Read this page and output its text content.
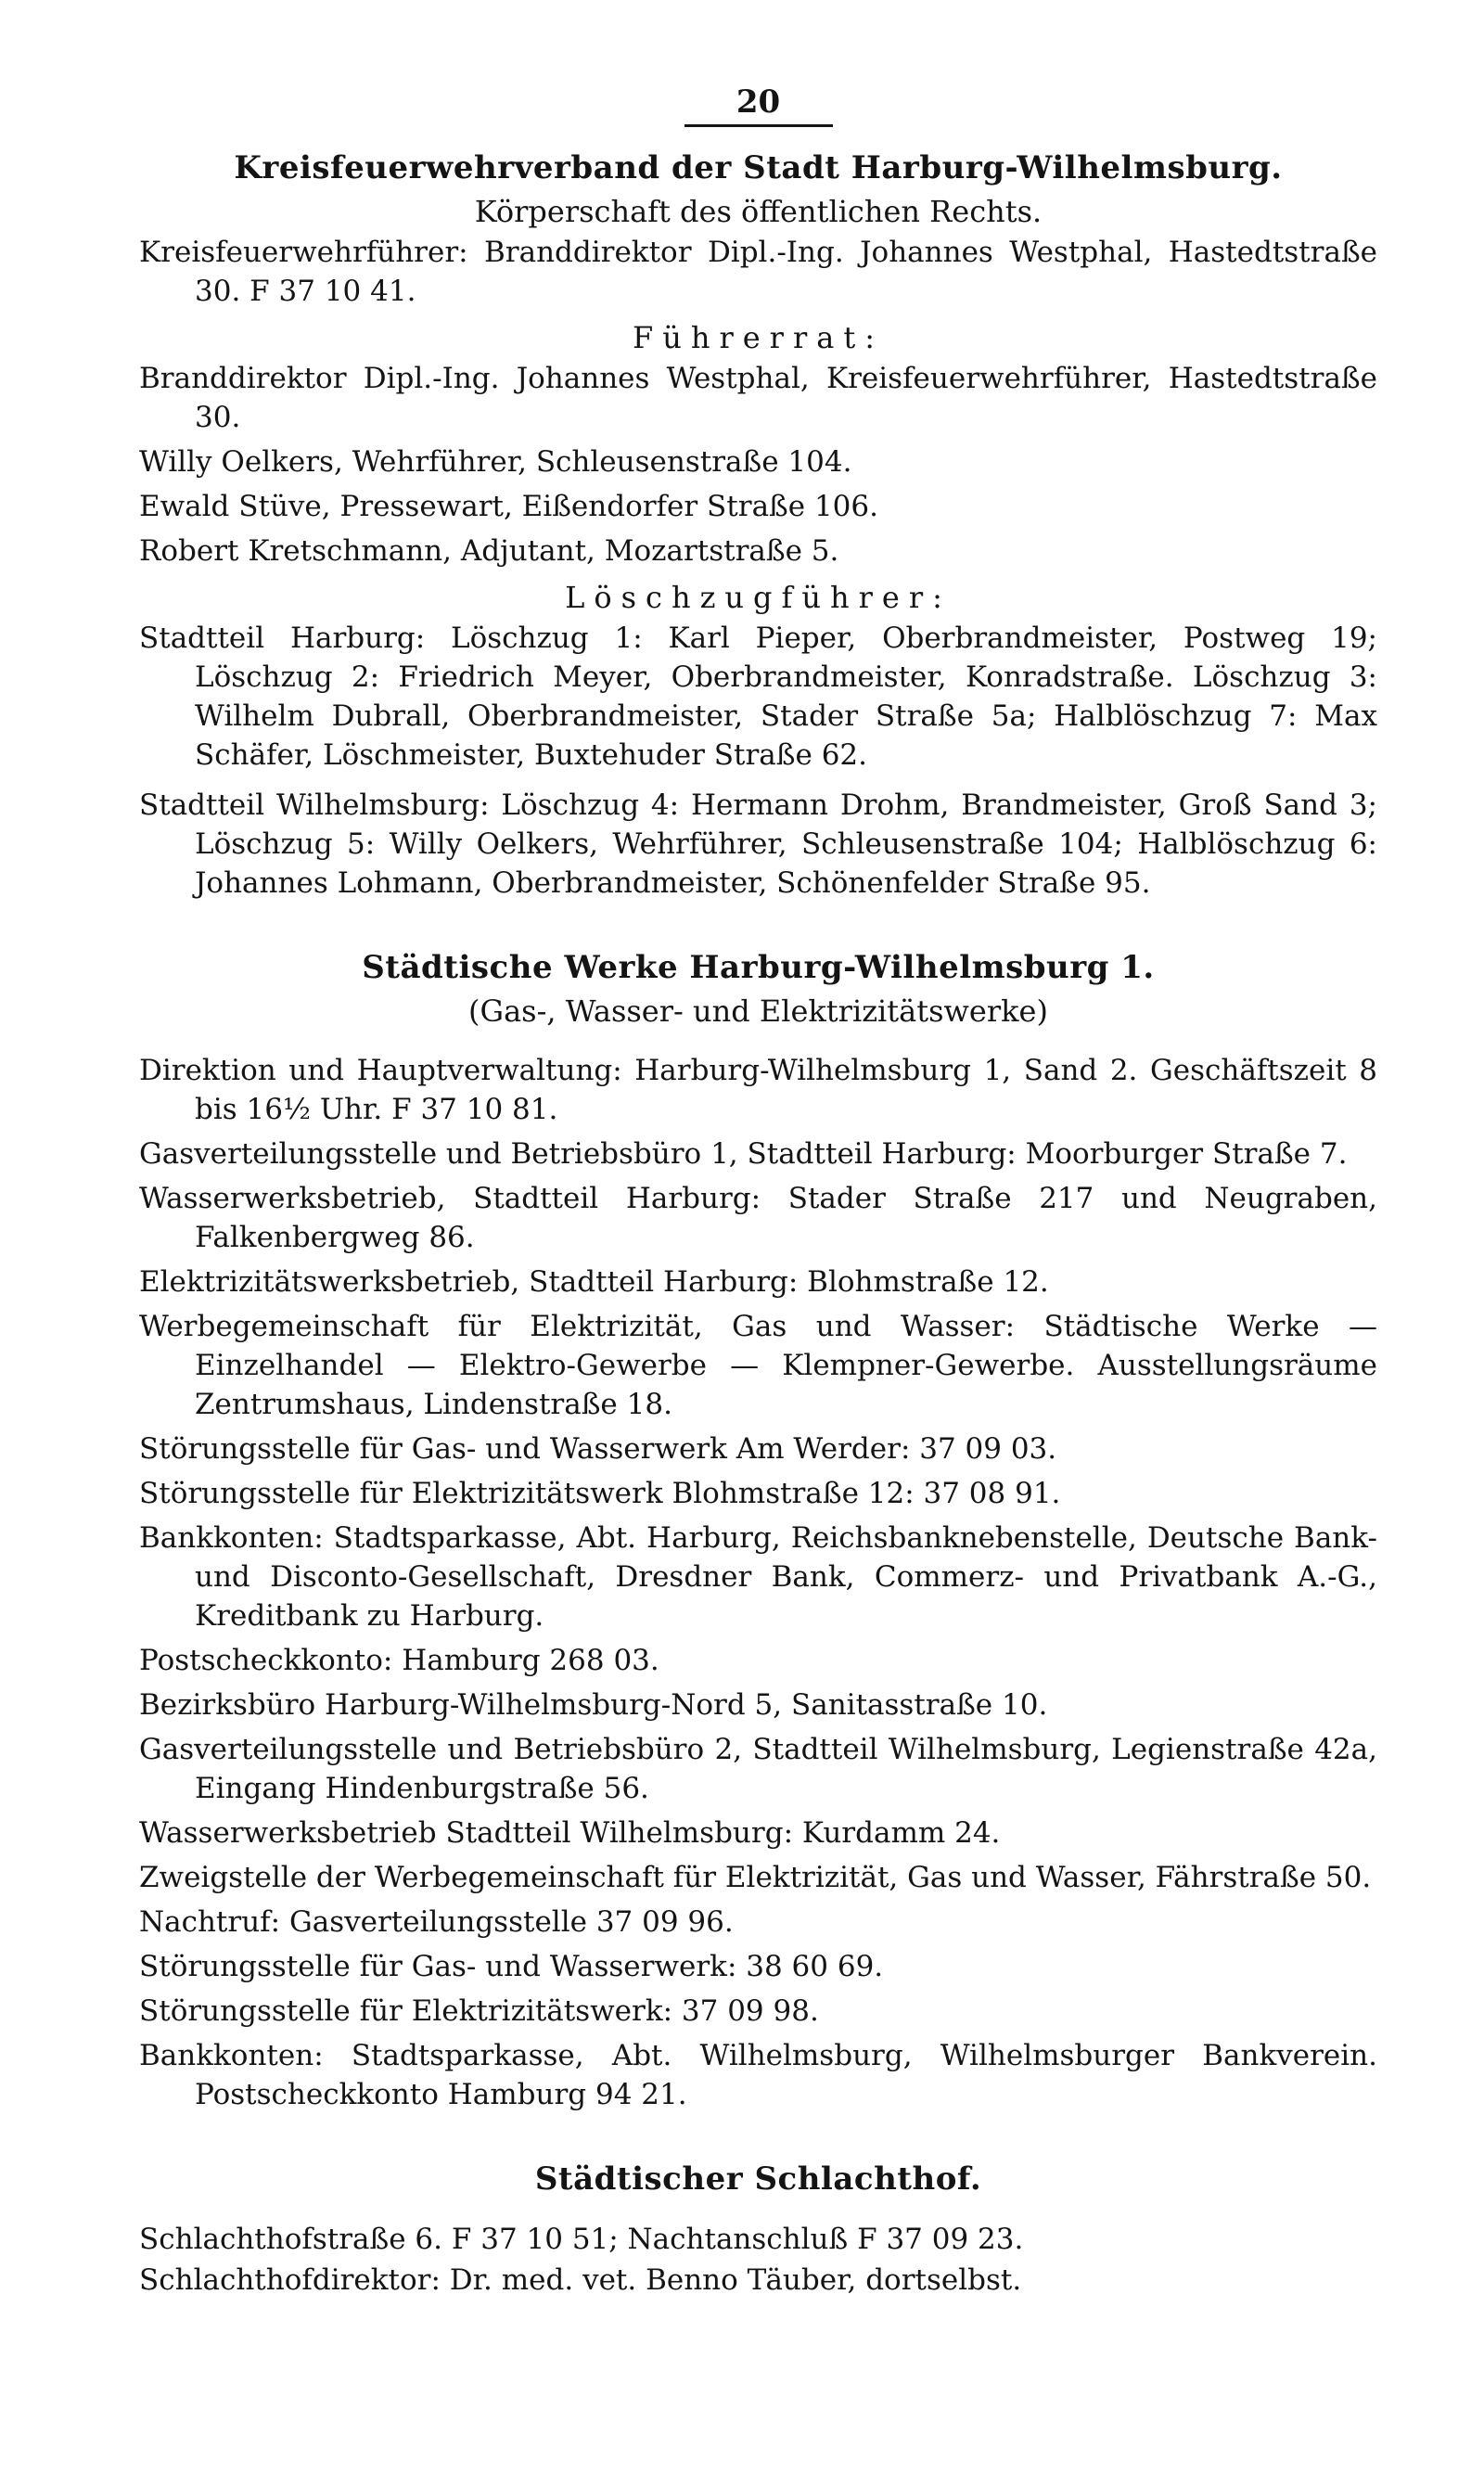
20
Kreisfeuerwehrverband der Stadt Harburg-Wilhelmsburg.
Körperschaft des öffentlichen Rechts.

Kreisfeuerwehrführer: Branddirektor Dipl.-Ing. Johannes Westphal, Hastedtstraße 30. F 37 10 41.

Führerrat:

Branddirektor Dipl.-Ing. Johannes Westphal, Kreisfeuerwehrführer, Hastedtstraße 30.

Willy Oelkers, Wehrführer, Schleusenstraße 104.

Ewald Stüve, Pressewart, Eißendorfer Straße 106.

Robert Kretschmann, Adjutant, Mozartstraße 5.

Löschzugführer:

Stadtteil Harburg: Löschzug 1: Karl Pieper, Oberbrandmeister, Postweg 19; Löschzug 2: Friedrich Meyer, Oberbrandmeister, Konradstraße. Löschzug 3: Wilhelm Dubrall, Oberbrandmeister, Stader Straße 5a; Halblöschzug 7: Max Schäfer, Löschmeister, Buxtehuder Straße 62.

Stadtteil Wilhelmsburg: Löschzug 4: Hermann Drohm, Brandmeister, Groß Sand 3; Löschzug 5: Willy Oelkers, Wehrführer, Schleusenstraße 104; Halblöschzug 6: Johannes Lohmann, Oberbrandmeister, Schönenfelder Straße 95.

Städtische Werke Harburg-Wilhelmsburg 1.
(Gas-, Wasser- und Elektrizitätswerke)

Direktion und Hauptverwaltung: Harburg-Wilhelmsburg 1, Sand 2. Geschäftszeit 8 bis 16½ Uhr. F 37 10 81.

Gasverteilungsstelle und Betriebsbüro 1, Stadtteil Harburg: Moorburger Straße 7.

Wasserwerksbetrieb, Stadtteil Harburg: Stader Straße 217 und Neugraben, Falkenbergweg 86.

Elektrizitätswerksbetrieb, Stadtteil Harburg: Blohmstraße 12.

Werbegemeinschaft für Elektrizität, Gas und Wasser: Städtische Werke — Einzelhandel — Elektro-Gewerbe — Klempner-Gewerbe. Ausstellungsräume Zentrumshaus, Lindenstraße 18.

Störungsstelle für Gas- und Wasserwerk Am Werder: 37 09 03.

Störungsstelle für Elektrizitätswerk Blohmstraße 12: 37 08 91.

Bankkonten: Stadtsparkasse, Abt. Harburg, Reichsbanknebenstelle, Deutsche Bank- und Disconto-Gesellschaft, Dresdner Bank, Commerz- und Privatbank A.-G., Kreditbank zu Harburg.

Postscheckkonto: Hamburg 268 03.

Bezirksbüro Harburg-Wilhelmsburg-Nord 5, Sanitasstraße 10.

Gasverteilungsstelle und Betriebsbüro 2, Stadtteil Wilhelmsburg, Legienstraße 42a, Eingang Hindenburgstraße 56.

Wasserwerksbetrieb Stadtteil Wilhelmsburg: Kurdamm 24.

Zweigstelle der Werbegemeinschaft für Elektrizität, Gas und Wasser, Fährstraße 50.

Nachtruf: Gasverteilungsstelle 37 09 96.

Störungsstelle für Gas- und Wasserwerk: 38 60 69.

Störungsstelle für Elektrizitätswerk: 37 09 98.

Bankkonten: Stadtsparkasse, Abt. Wilhelmsburg, Wilhelmsburger Bankverein. Postscheckkonto Hamburg 94 21.

Städtischer Schlachthof.

Schlachthofstraße 6. F 37 10 51; Nachtanschluß F 37 09 23.

Schlachthofdirektor: Dr. med. vet. Benno Täuber, dortselbst.
